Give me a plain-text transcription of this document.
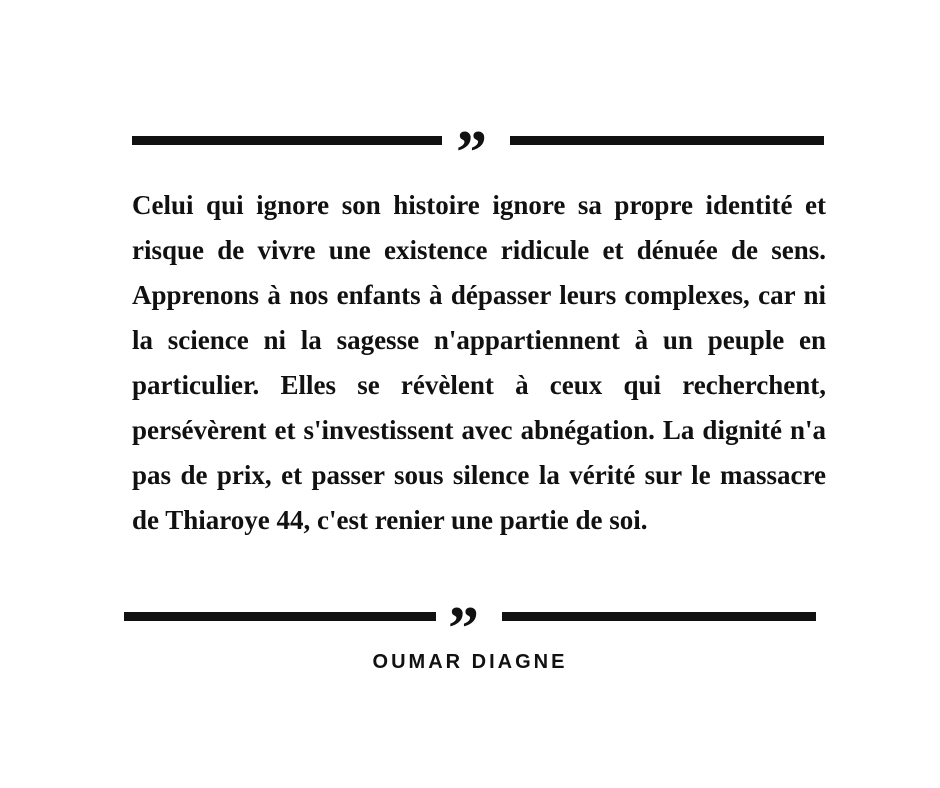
”

Celui qui ignore son histoire ignore sa propre identité et risque de vivre une existence ridicule et dénuée de sens. Apprenons à nos enfants à dépasser leurs complexes, car ni la science ni la sagesse n'appartiennent à un peuple en particulier. Elles se révèlent à ceux qui recherchent, persévèrent et s'investissent avec abnégation. La dignité n'a pas de prix, et passer sous silence la vérité sur le massacre de Thiaroye 44, c'est renier une partie de soi.

”
OUMAR DIAGNE
